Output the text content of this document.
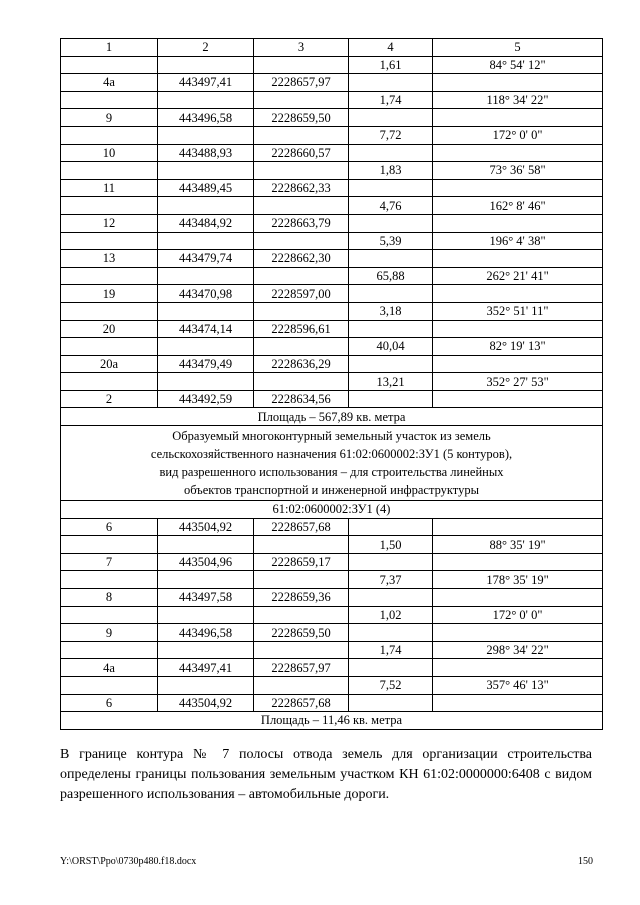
1	2	3	4	5
			1,61	84° 54' 12"
4а	443497,41	2228657,97		
			1,74	118° 34' 22"
9	443496,58	2228659,50		
			7,72	172° 0' 0"
10	443488,93	2228660,57		
			1,83	73° 36' 58"
11	443489,45	2228662,33		
			4,76	162° 8' 46"
12	443484,92	2228663,79		
			5,39	196° 4' 38"
13	443479,74	2228662,30		
			65,88	262° 21' 41"
19	443470,98	2228597,00		
			3,18	352° 51' 11"
20	443474,14	2228596,61		
			40,04	82° 19' 13"
20а	443479,49	2228636,29		
			13,21	352° 27' 53"
2	443492,59	2228634,56		
Площадь – 567,89 кв. метра				

Образуемый многоконтурный земельный участок из земель
сельскохозяйственного назначения 61:02:0600002:ЗУ1 (5 контуров),
вид разрешенного использования – для строительства линейных
объектов транспортной и инженерной инфраструктуры				

61:02:0600002:ЗУ1 (4)				
6	443504,92	2228657,68		
			1,50	88° 35' 19"
7	443504,96	2228659,17		
			7,37	178° 35' 19"
8	443497,58	2228659,36		
			1,02	172° 0' 0"
9	443496,58	2228659,50		
			1,74	298° 34' 22"
4а	443497,41	2228657,97		
			7,52	357° 46' 13"
6	443504,92	2228657,68		
Площадь – 11,46 кв. метра				

В границе контура № 7 полосы отвода земель для организации строительства определены границы пользования земельным участком КН 61:02:0000000:6408 с видом разрешенного использования – автомобильные дороги.

Y:\ORST\Ppo\0730p480.f18.docx	150
